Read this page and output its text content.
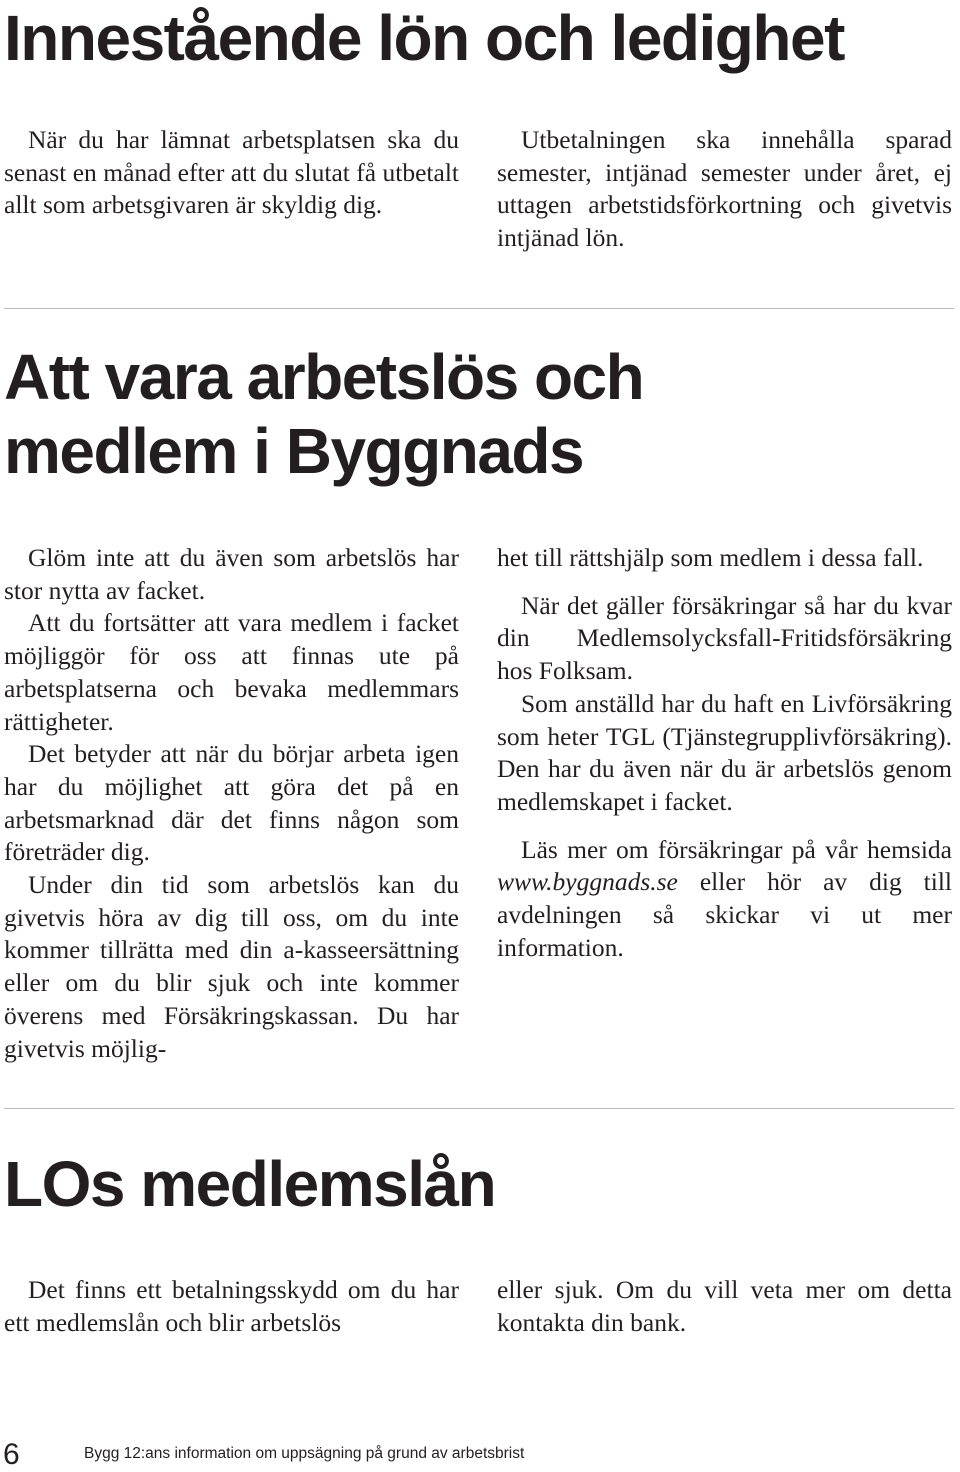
Innestående lön och ledighet

När du har lämnat arbetsplatsen ska du senast en månad efter att du slutat få utbetalt allt som arbetsgivaren är skyldig dig.

Utbetalningen ska innehålla sparad semester, intjänad semester under året, ej uttagen arbetstidsförkortning och givetvis intjänad lön.

Att vara arbetslös och
medlem i Byggnads

Glöm inte att du även som arbetslös har stor nytta av facket.

Att du fortsätter att vara medlem i facket möjliggör för oss att finnas ute på arbetsplatserna och bevaka medlemmars rättigheter.

Det betyder att när du börjar arbeta igen har du möjlighet att göra det på en arbetsmarknad där det finns någon som företräder dig.

Under din tid som arbetslös kan du givetvis höra av dig till oss, om du inte kommer tillrätta med din a-kasseersättning eller om du blir sjuk och inte kommer överens med Försäkringskassan. Du har givetvis möjlig-

het till rättshjälp som medlem i dessa fall.

När det gäller försäkringar så har du kvar din Medlemsolycksfall-Fritidsförsäkring hos Folksam.

Som anställd har du haft en Livförsäkring som heter TGL (Tjänstegrupplivförsäkring). Den har du även när du är arbetslös genom medlemskapet i facket.

Läs mer om försäkringar på vår hemsida www.byggnads.se eller hör av dig till avdelningen så skickar vi ut mer information.

LOs medlemslån

Det finns ett betalningsskydd om du har ett medlemslån och blir arbetslös

eller sjuk. Om du vill veta mer om detta kontakta din bank.

6	Bygg 12:ans information om uppsägning på grund av arbetsbrist
